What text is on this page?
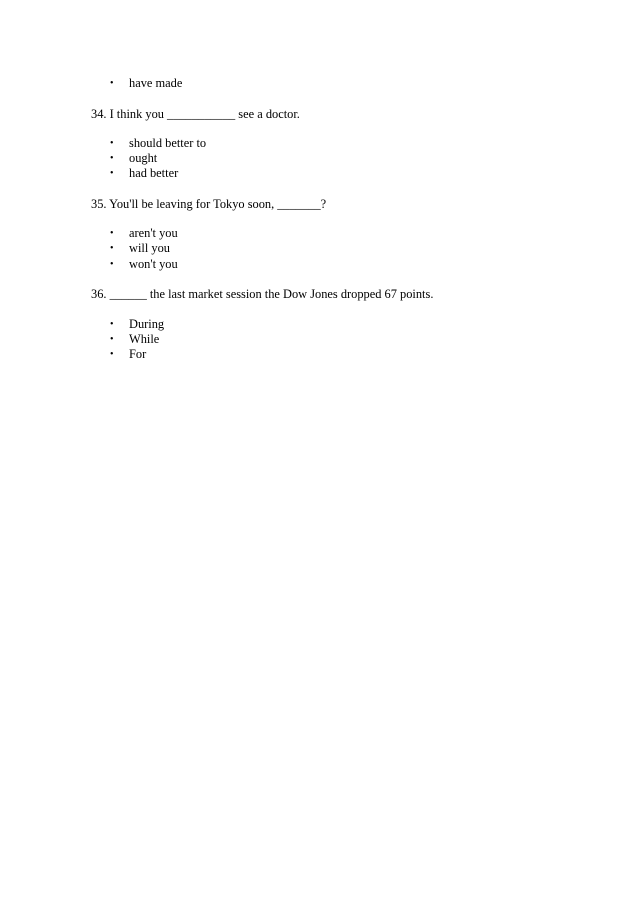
• have made
34. I think you ___________ see a doctor.
• should better to
• ought
• had better
35. You'll be leaving for Tokyo soon, _______?
• aren't you
• will you
• won't you
36. ______ the last market session the Dow Jones dropped 67 points.
• During
• While
• For
